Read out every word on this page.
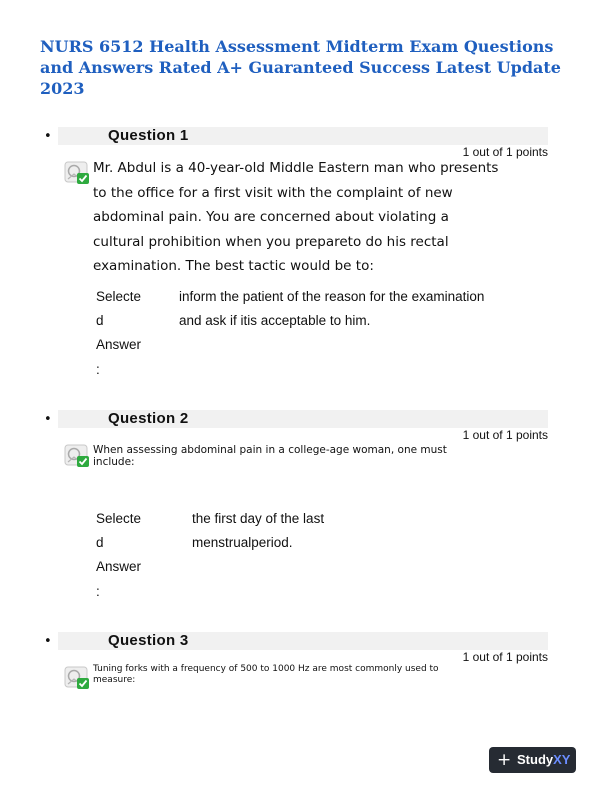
NURS 6512 Health Assessment Midterm Exam Questions and Answers Rated A+ Guaranteed Success Latest Update 2023
•	Question 1
1 out of 1 points

Mr. Abdul is a 40-year-old Middle Eastern man who presents

to the office for a first visit with the complaint of new

abdominal pain. You are concerned about violating a

cultural prohibition when you prepareto do his rectal

examination. The best tactic would be to:

Selecte
d
Answer
:
inform the patient of the reason for the examination
and ask if itis acceptable to him.
•	Question 2
1 out of 1 points

When assessing abdominal pain in a college-age woman, one must

include:

Selecte
d
Answer
:
the first day of the last
menstrualperiod.
•	Question 3
1 out of 1 points

Tuning forks with a frequency of 500 to 1000 Hz are most commonly used to

measure:

+ StudyXY
